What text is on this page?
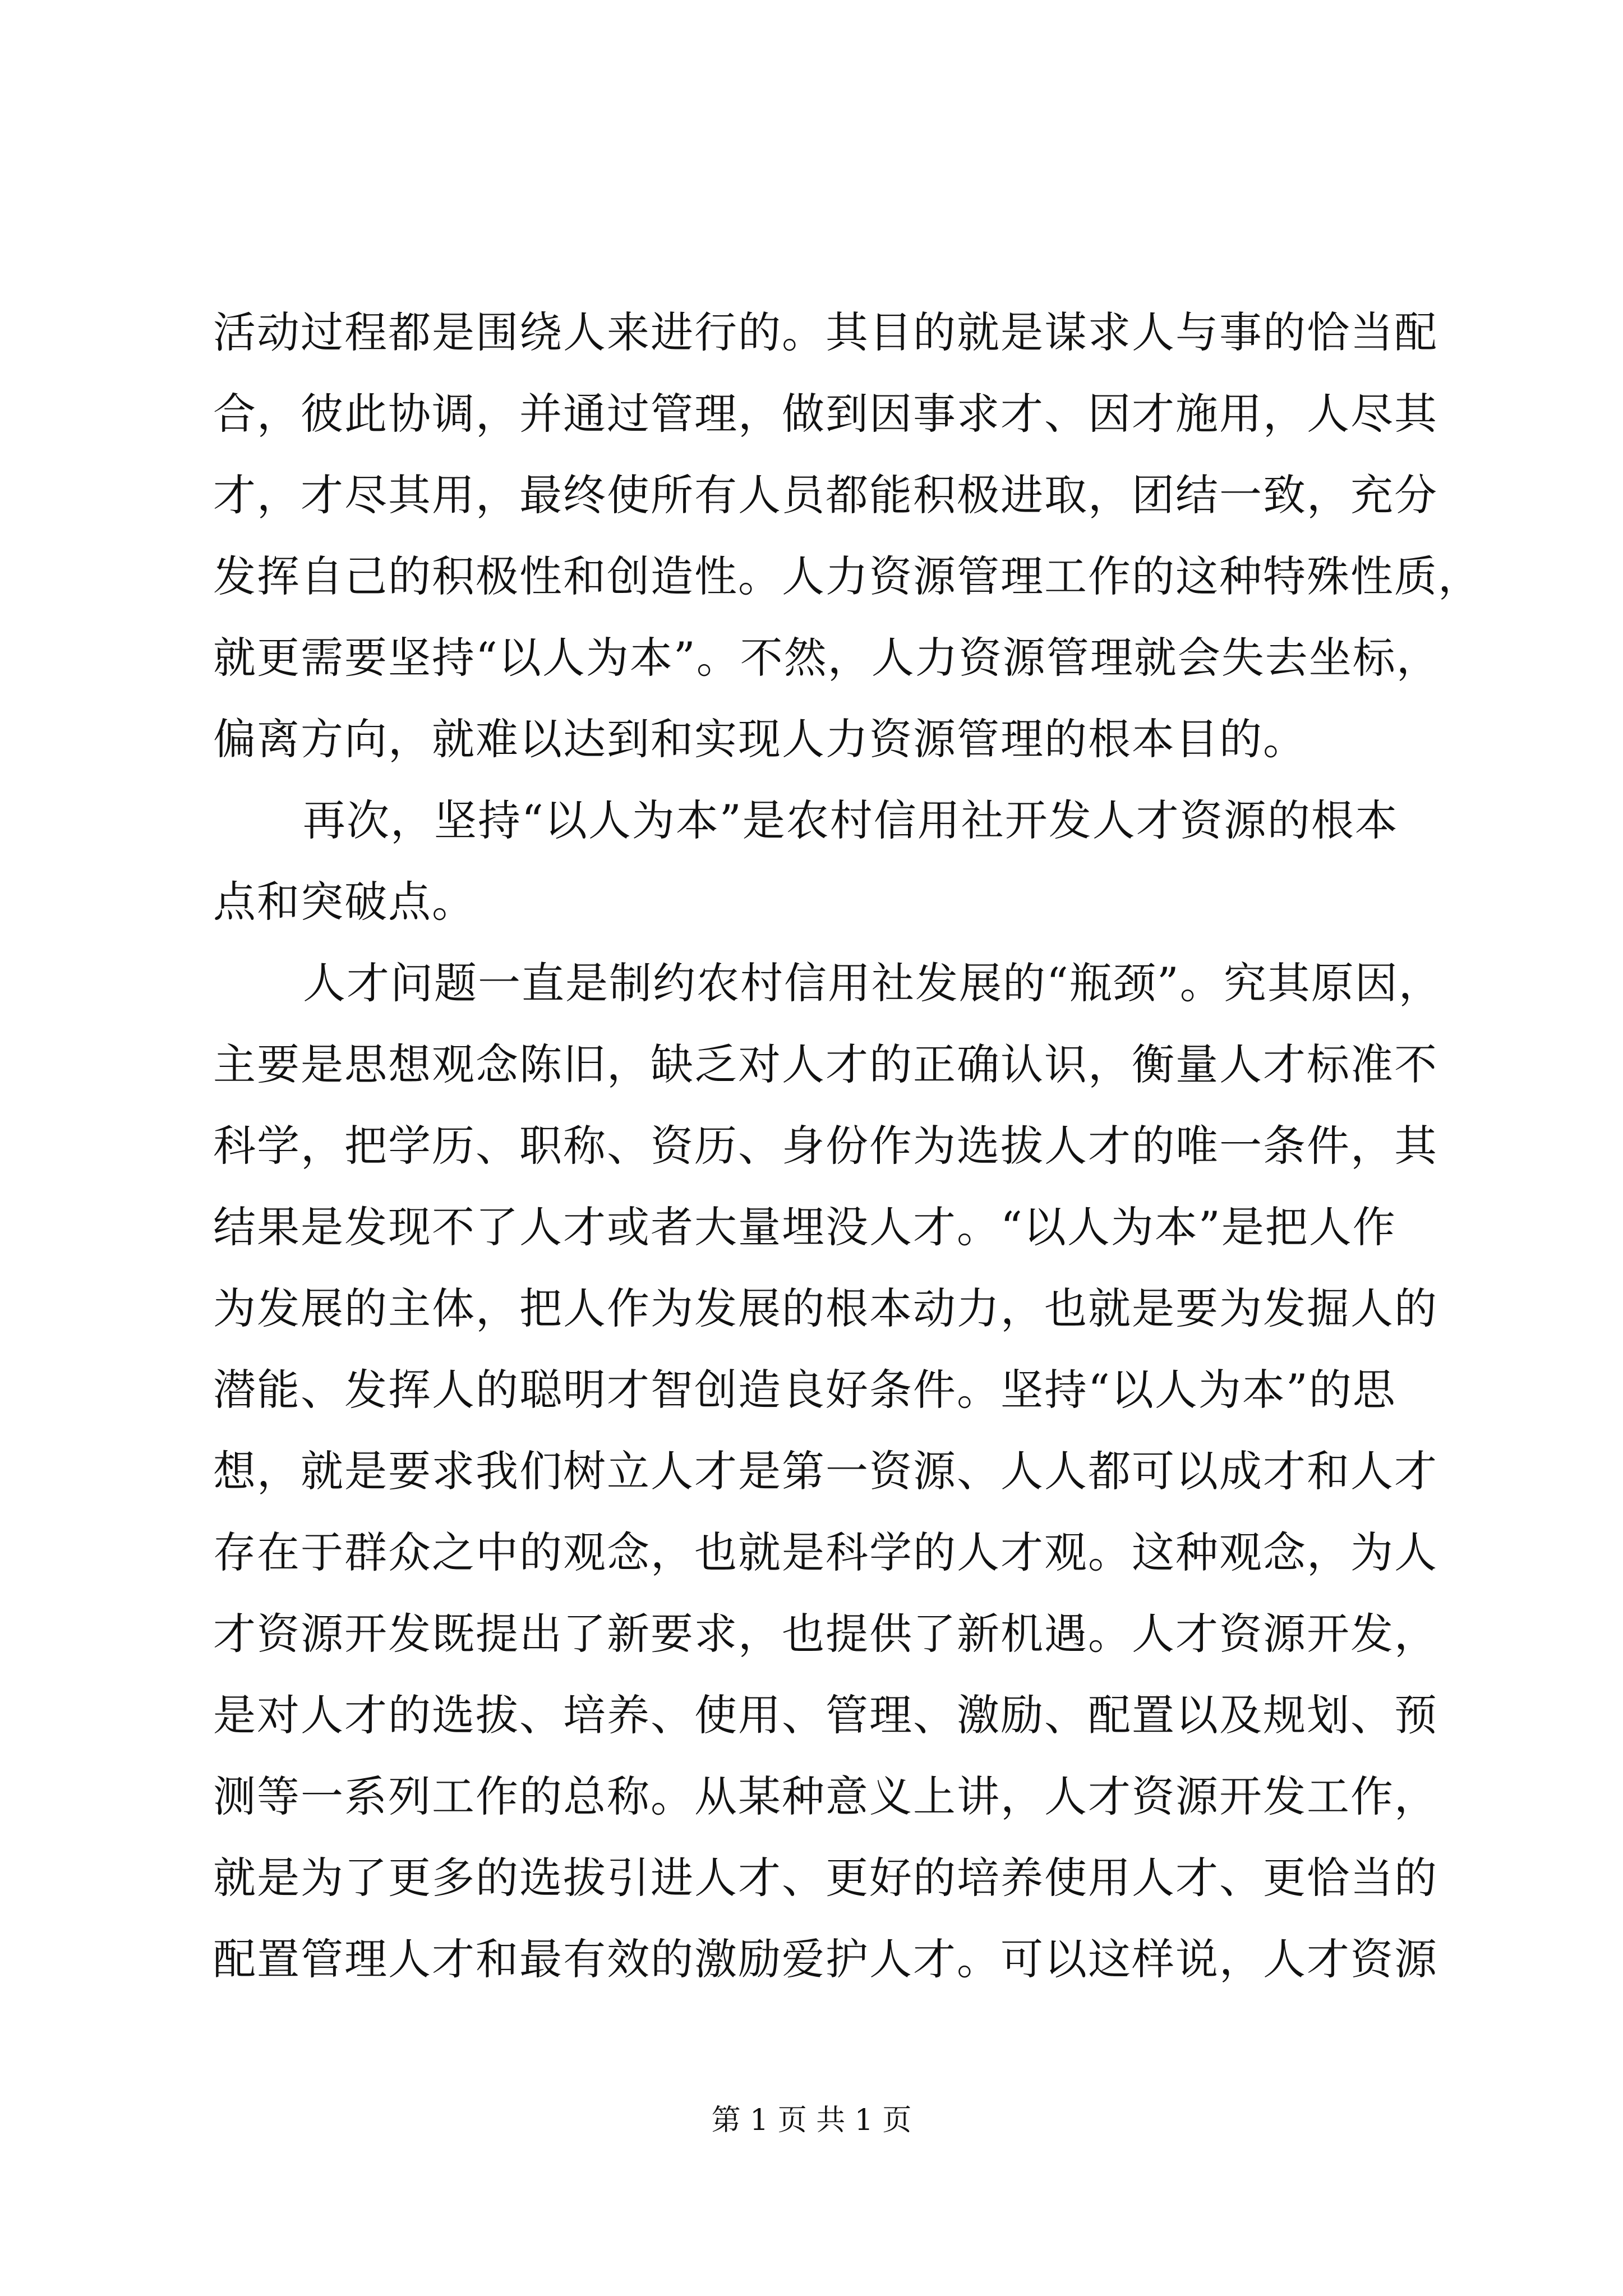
活动过程都是围绕人来进行的。其目的就是谋求人与事的恰当配
合，彼此协调，并通过管理，做到因事求才、因才施用，人尽其
才，才尽其用，最终使所有人员都能积极进取，团结一致，充分
发挥自己的积极性和创造性。人力资源管理工作的这种特殊性质，
就更需要坚持“以人为本”。不然，人力资源管理就会失去坐标，
偏离方向，就难以达到和实现人力资源管理的根本目的。
再次，坚持“以人为本”是农村信用社开发人才资源的根本
点和突破点。
人才问题一直是制约农村信用社发展的“瓶颈”。究其原因，
主要是思想观念陈旧，缺乏对人才的正确认识，衡量人才标准不
科学，把学历、职称、资历、身份作为选拔人才的唯一条件，其
结果是发现不了人才或者大量埋没人才。“以人为本”是把人作
为发展的主体，把人作为发展的根本动力，也就是要为发掘人的
潜能、发挥人的聪明才智创造良好条件。坚持“以人为本”的思
想，就是要求我们树立人才是第一资源、人人都可以成才和人才
存在于群众之中的观念，也就是科学的人才观。这种观念，为人
才资源开发既提出了新要求，也提供了新机遇。人才资源开发，
是对人才的选拔、培养、使用、管理、激励、配置以及规划、预
测等一系列工作的总称。从某种意义上讲，人才资源开发工作，
就是为了更多的选拔引进人才、更好的培养使用人才、更恰当的
配置管理人才和最有效的激励爱护人才。可以这样说，人才资源
第 1 页 共 1 页
